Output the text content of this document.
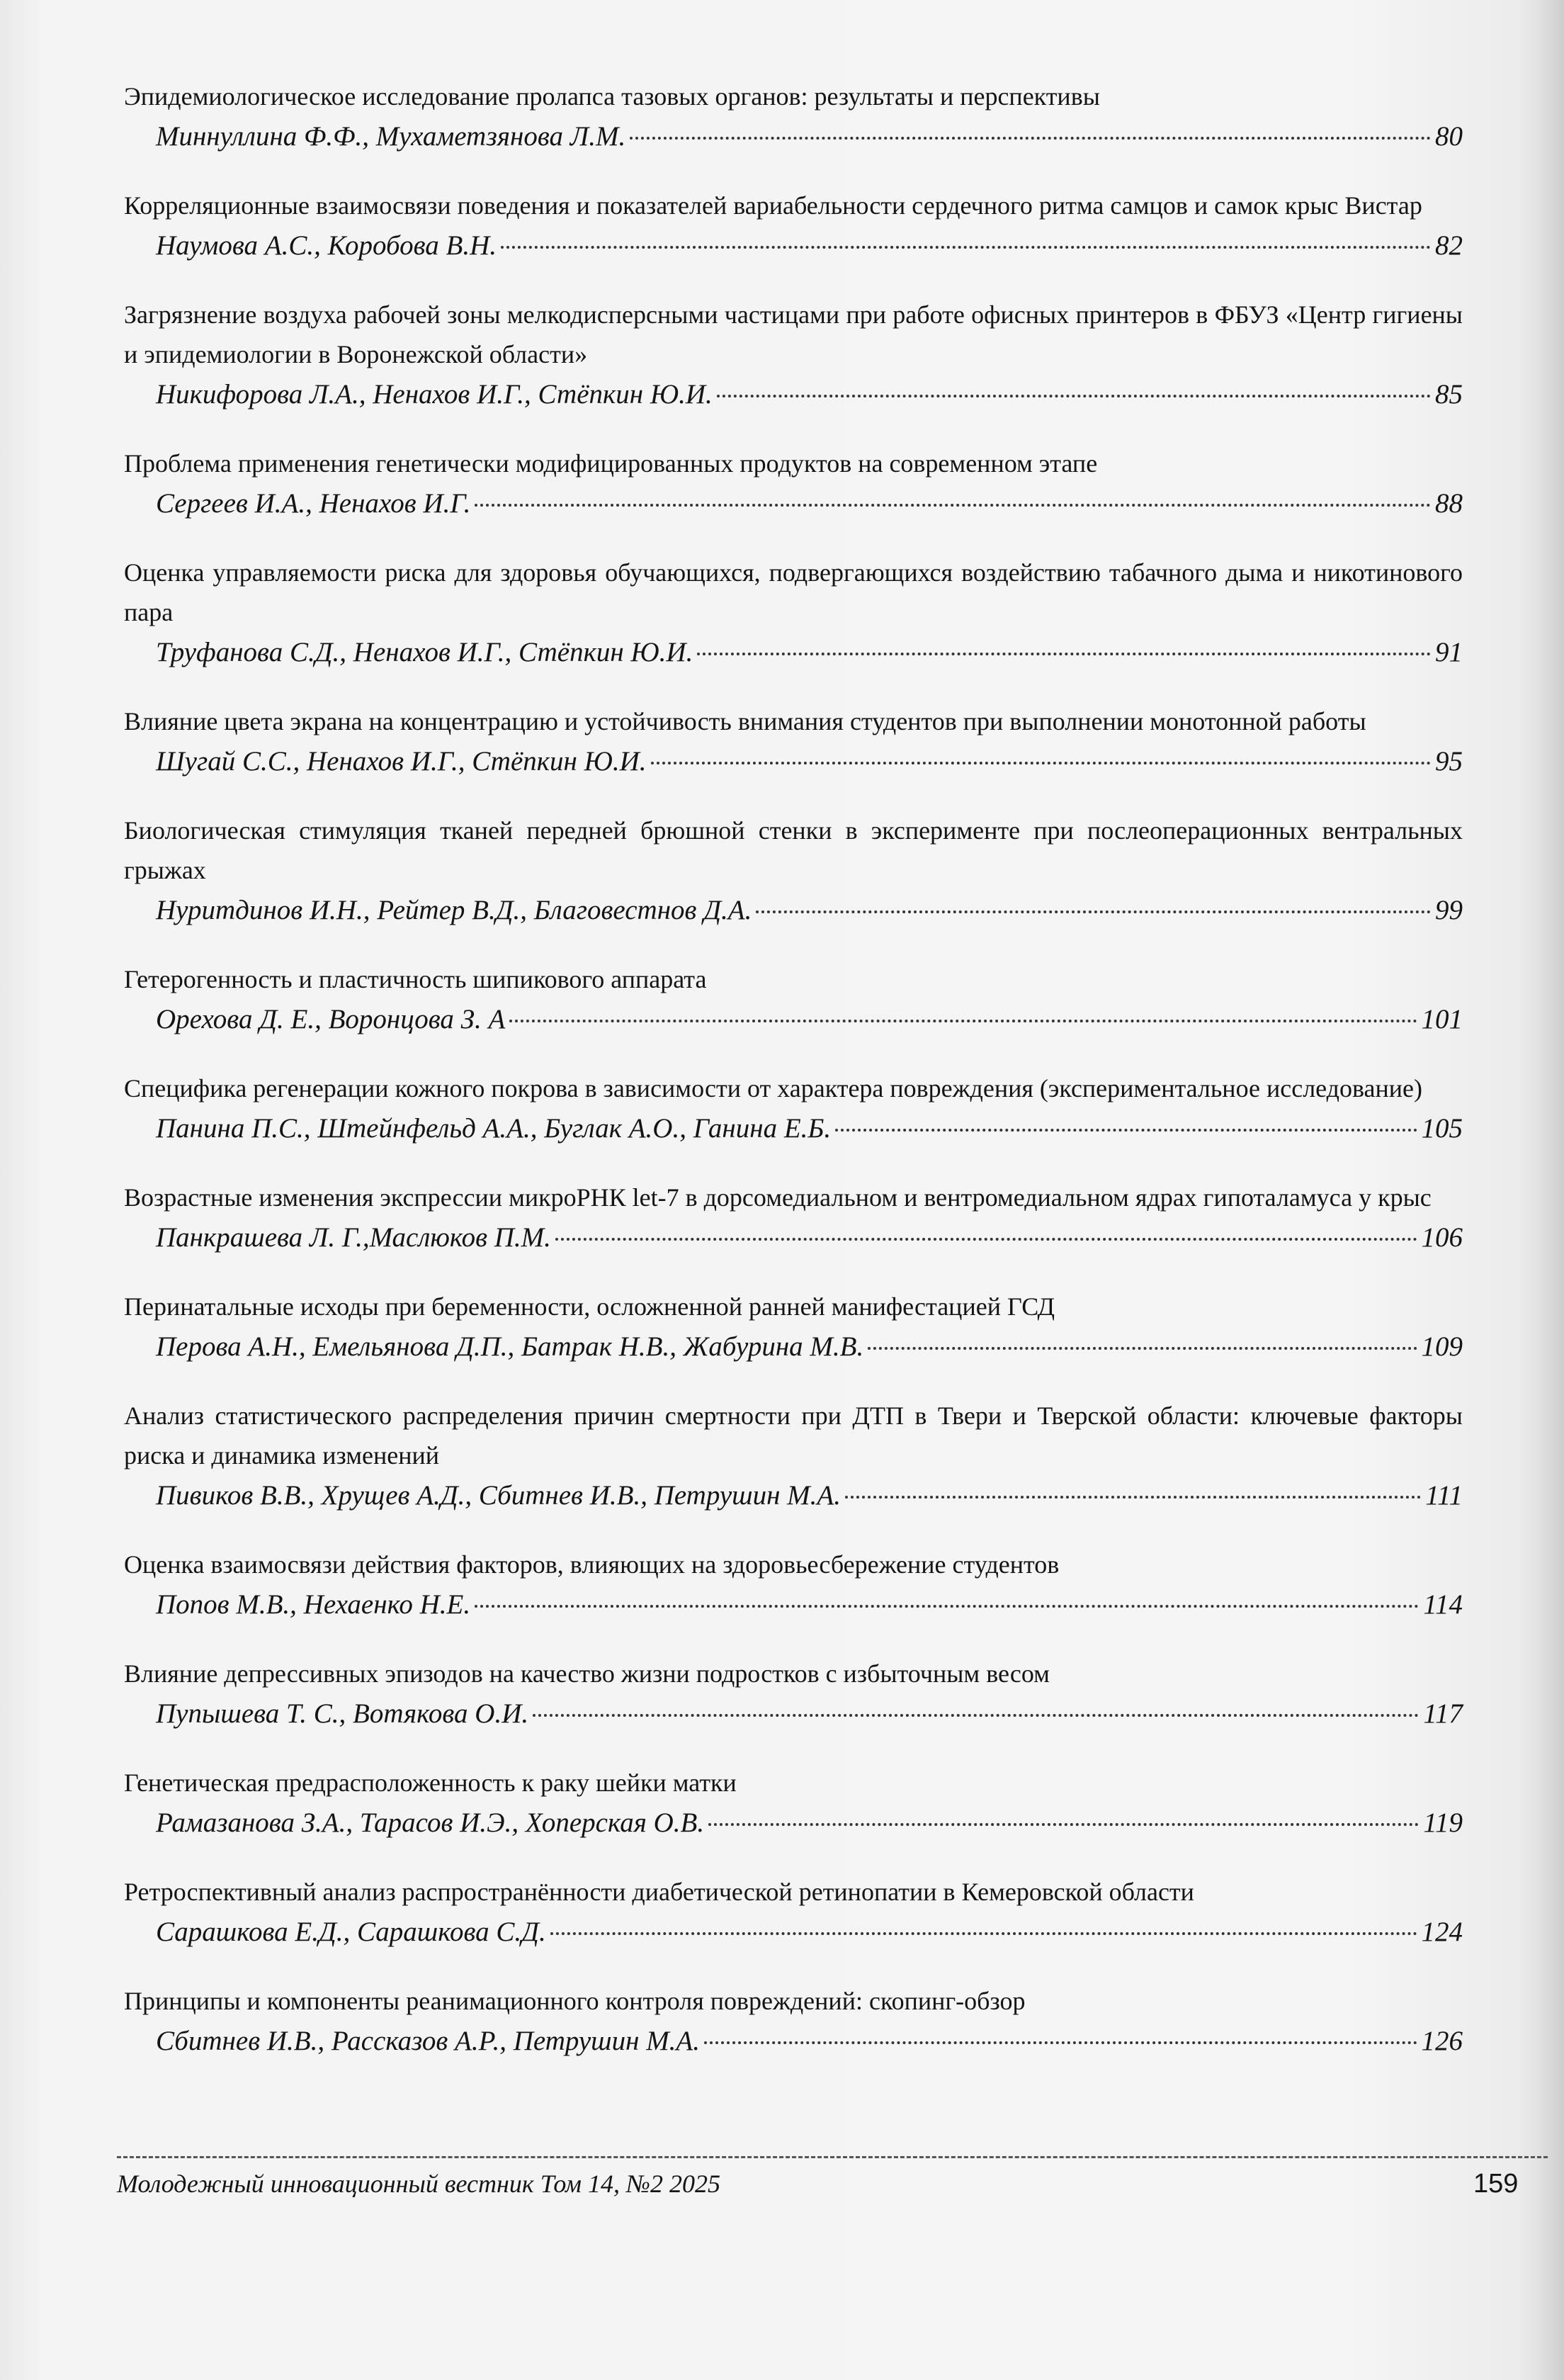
Эпидемиологическое исследование пролапса тазовых органов: результаты и перспективы

Миннуллина Ф.Ф., Мухаметзянова Л.М.	80

Корреляционные взаимосвязи поведения и показателей вариабельности сердечного ритма самцов и самок крыс Вистар

Наумова А.С., Коробова В.Н.	82

Загрязнение воздуха рабочей зоны мелкодисперсными частицами при работе офисных принтеров в ФБУЗ «Центр гигиены и эпидемиологии в Воронежской области»

Никифорова Л.А., Ненахов И.Г., Стёпкин Ю.И.	85

Проблема применения генетически модифицированных продуктов на современном этапе

Сергеев И.А., Ненахов И.Г.	88

Оценка управляемости риска для здоровья обучающихся, подвергающихся воздействию табачного дыма и никотинового пара

Труфанова С.Д., Ненахов И.Г., Стёпкин Ю.И.	91

Влияние цвета экрана на концентрацию и устойчивость внимания студентов при выполнении монотонной работы

Шугай С.С., Ненахов И.Г., Стёпкин Ю.И.	95

Биологическая стимуляция тканей передней брюшной стенки в эксперименте при послеоперационных вентральных грыжах

Нуритдинов И.Н., Рейтер В.Д., Благовестнов Д.А.	99

Гетерогенность и пластичность шипикового аппарата

Орехова Д. Е., Воронцова З. А	101

Специфика регенерации кожного покрова в зависимости от характера повреждения (экспериментальное исследование)

Панина П.С., Штейнфельд А.А., Буглак А.О., Ганина Е.Б.	105

Возрастные изменения экспрессии микроРНК let-7 в дорсомедиальном и вентромедиальном ядрах гипоталамуса у крыс

Панкрашева Л. Г.,Маслюков П.М.	106

Перинатальные исходы при беременности, осложненной ранней манифестацией ГСД

Перова А.Н., Емельянова Д.П., Батрак Н.В., Жабурина М.В.	109

Анализ статистического распределения причин смертности при ДТП в Твери и Тверской области: ключевые факторы риска и динамика изменений

Пивиков В.В., Хрущев А.Д., Сбитнев И.В., Петрушин М.А.	111

Оценка взаимосвязи действия факторов, влияющих на здоровьесбережение студентов

Попов М.В., Нехаенко Н.Е.	114

Влияние депрессивных эпизодов на качество жизни подростков с избыточным весом

Пупышева Т. С., Вотякова О.И.	117

Генетическая предрасположенность к раку шейки матки

Рамазанова З.А., Тарасов И.Э., Хоперская О.В.	119

Ретроспективный анализ распространённости диабетической ретинопатии в Кемеровской области

Сарашкова Е.Д., Сарашкова С.Д.	124

Принципы и компоненты реанимационного контроля повреждений: скопинг-обзор

Сбитнев И.В., Рассказов А.Р., Петрушин М.А.	126
Молодежный инновационный вестник Том 14, №2 2025	159
